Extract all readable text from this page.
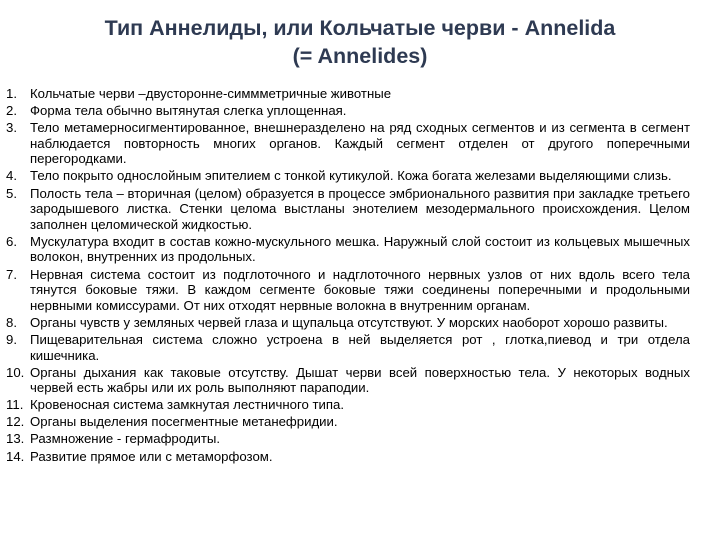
Тип Аннелиды, или Кольчатые черви - Annelida
(= Annelides)
1. Кольчатые черви –двусторонне-симмметричные животные
2. Форма тела обычно вытянутая слегка уплощенная.
3. Тело метамерносигментированное, внешнеразделено на ряд сходных сегментов и из сегмента в сегмент наблюдается повторность многих органов. Каждый сегмент отделен от другого поперечными перегородками.
4. Тело покрыто однослойным эпителием с тонкой кутикулой. Кожа богата железами выделяющими слизь.
5. Полость тела – вторичная (целом) образуется в процессе эмбрионального развития при закладке третьего зародышевого листка. Стенки целома выстланы энотелием мезодермального происхождения. Целом заполнен целомической жидкостью.
6. Мускулатура входит в состав кожно-мускульного мешка. Наружный слой состоит из кольцевых мышечных волокон, внутренних из продольных.
7. Нервная система состоит из подглоточного и надглоточного нервных узлов от них вдоль всего тела тянутся боковые тяжи. В каждом сегменте боковые тяжи соединены поперечными и продольными нервными комиссурами. От них отходят нервные волокна в внутренним органам.
8. Органы чувств у земляных червей глаза и щупальца отсутствуют. У морских наоборот хорошо развиты.
9. Пищеварительная система сложно устроена в ней выделяется рот , глотка,пиевод и три отдела кишечника.
10. Органы дыхания как таковые отсутству. Дышат черви всей поверхностью тела. У некоторых водных червей есть жабры или их роль выполняют параподии.
11. Кровеносная система замкнутая лестничного типа.
12. Органы выделения посегментные метанефридии.
13. Размножение - гермафродиты.
14. Развитие прямое или с метаморфозом.
